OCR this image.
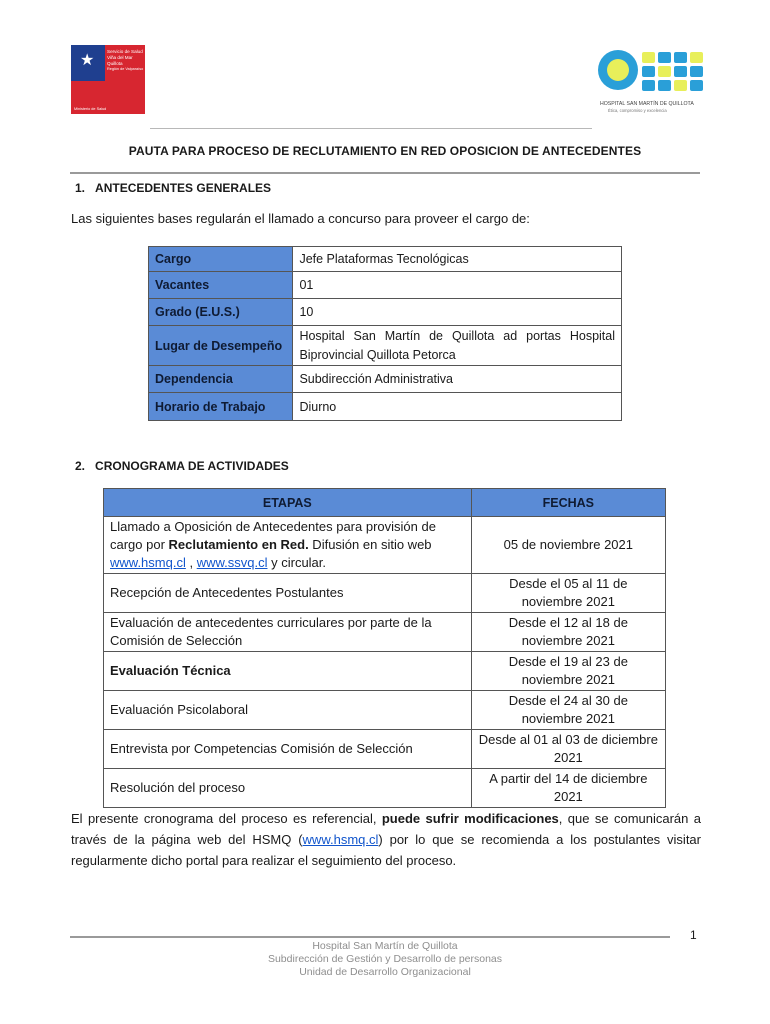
★
Servicio de Salud
Viña del Mar
Quillota
Región de Valparaíso
Ministerio de Salud
HOSPITAL SAN MARTÍN DE QUILLOTA
Ética, compromiso y excelencia
PAUTA PARA PROCESO DE RECLUTAMIENTO EN RED OPOSICION DE ANTECEDENTES
1. ANTECEDENTES GENERALES
Las siguientes bases regularán el llamado a concurso para proveer el cargo de:
Cargo	Jefe Plataformas Tecnológicas
Vacantes	01
Grado (E.U.S.)	10
Lugar de Desempeño	Hospital San Martín de Quillota ad portas Hospital Biprovincial Quillota Petorca
Dependencia	Subdirección Administrativa
Horario de Trabajo	Diurno
2. CRONOGRAMA DE ACTIVIDADES
ETAPAS	FECHAS
Llamado a Oposición de Antecedentes para provisión de cargo por Reclutamiento en Red. Difusión en sitio web www.hsmq.cl , www.ssvq.cl y circular.	05 de noviembre 2021
Recepción de Antecedentes Postulantes	Desde el 05 al 11 de noviembre 2021
Evaluación de antecedentes curriculares por parte de la Comisión de Selección	Desde el 12 al 18 de noviembre 2021
Evaluación Técnica	Desde el 19 al 23 de noviembre 2021
Evaluación Psicolaboral	Desde el 24 al 30 de noviembre 2021
Entrevista por Competencias Comisión de Selección	Desde al 01 al 03 de diciembre 2021
Resolución del proceso	A partir del 14 de diciembre 2021
El presente cronograma del proceso es referencial, puede sufrir modificaciones, que se comunicarán a través de la página web del HSMQ (www.hsmq.cl) por lo que se recomienda a los postulantes visitar regularmente dicho portal para realizar el seguimiento del proceso.
1
Hospital San Martín de Quillota
Subdirección de Gestión y Desarrollo de personas
Unidad de Desarrollo Organizacional
